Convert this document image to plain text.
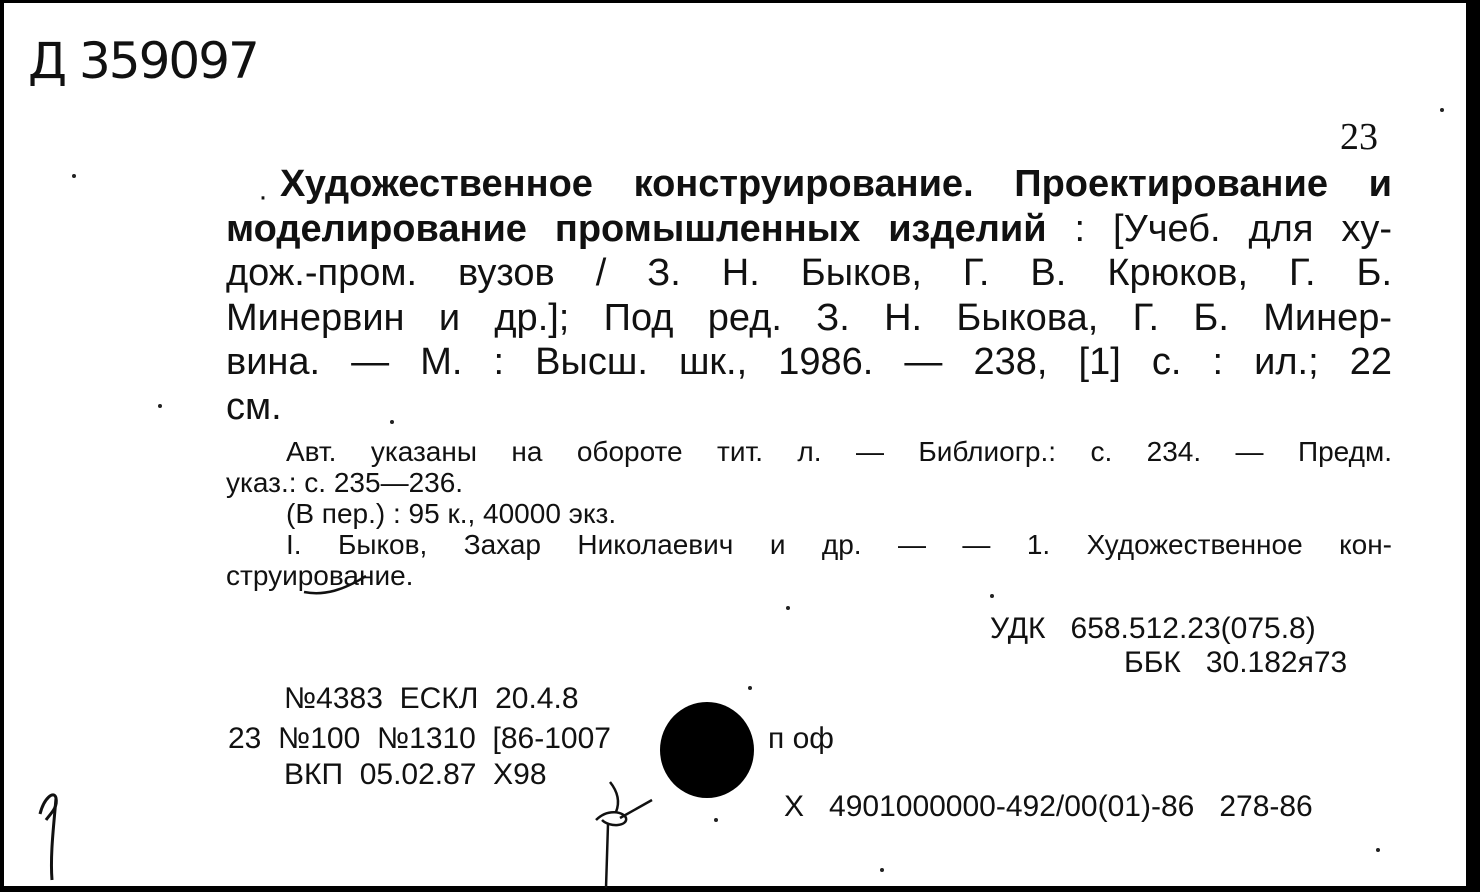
Д 359097
23
· Художественное конструирование. Проектирование и
моделирование промышленных изделий : [Учеб. для ху-
дож.-пром. вузов / З. Н. Быков, Г. В. Крюков, Г. Б.
Минервин и др.]; Под ред. З. Н. Быкова, Г. Б. Минер-
вина. — М. : Высш. шк., 1986. — 238, [1] с. : ил.; 22
см.
Авт. указаны на обороте тит. л. — Библиогр.: с. 234. — Предм.
указ.: с. 235—236.
(В пер.) : 95 к., 40000 экз.
I. Быков, Захар Николаевич и др. — — 1. Художественное кон-
струирование.
УДК   658.512.23(075.8)
ББК   30.182я73
№4383  ЕСКЛ  20.4.8
23  №100  №1310  [86-1007	п оф
ВКП  05.02.87  Х98
Х   4901000000-492/00(01)-86   278-86
